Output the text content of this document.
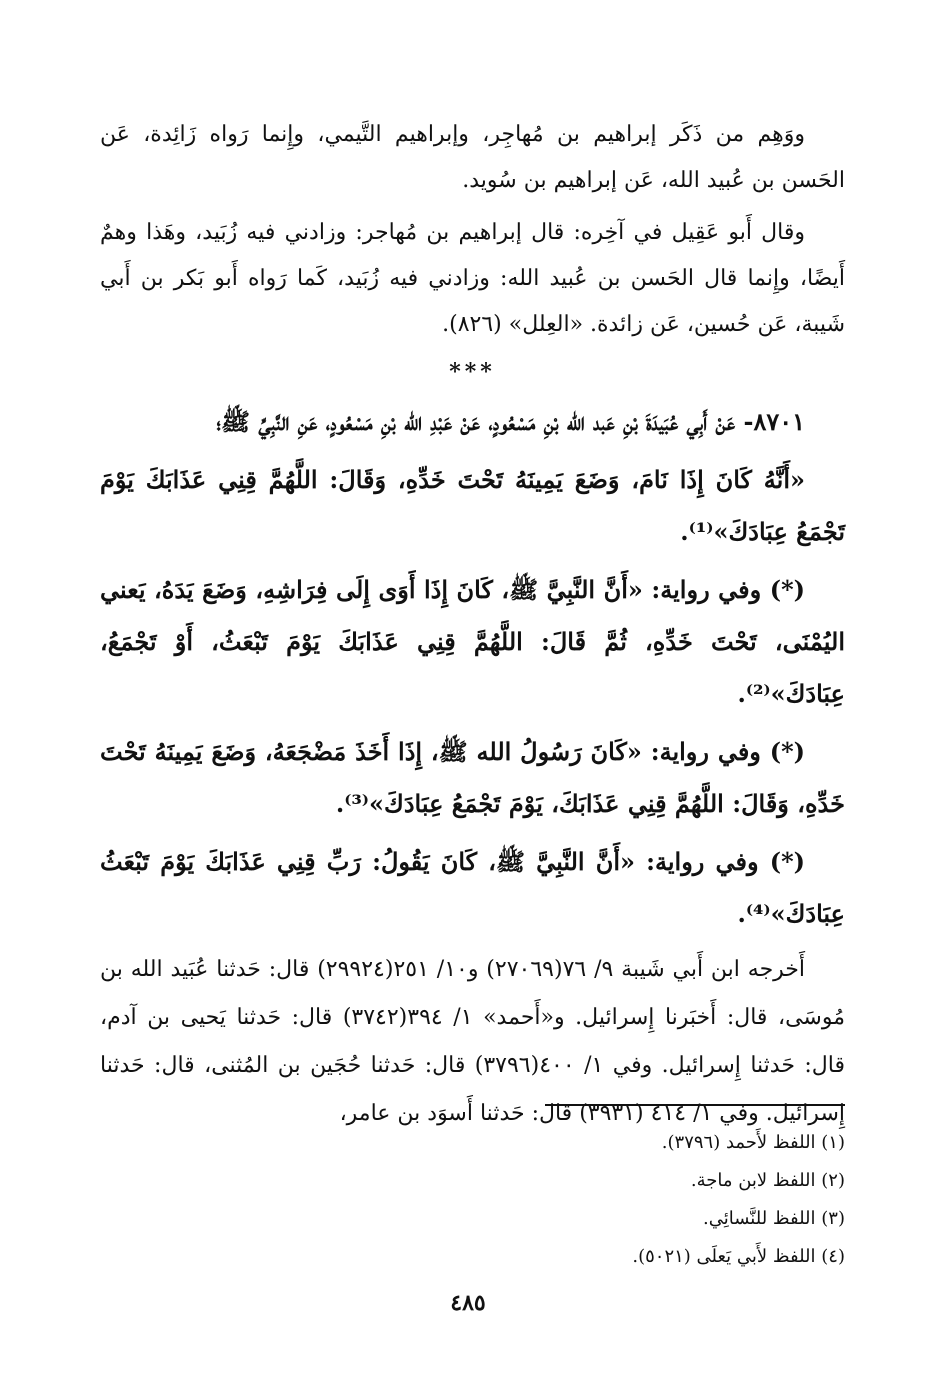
ووَهِم من ذَكَر إبراهيم بن مُهاجِر، وإبراهيم التَّيمي، وإِنما رَواه زَائِدة، عَن الحَسن بن عُبيد الله، عَن إبراهيم بن سُويد.

وقال أَبو عَقِيل في آخِره: قال إبراهيم بن مُهاجر: وزادني فيه زُبَيد، وهَذا وهمٌ أَيضًا، وإِنما قال الحَسن بن عُبيد الله: وزادني فيه زُبَيد، كَما رَواه أَبو بَكر بن أَبي شَيبة، عَن حُسين، عَن زائدة. «العِلل» (٨٢٦).

***

٨٧٠١- عَنْ أَبِي عُبَيدَةَ بْنِ عَبد الله بْنِ مَسْعُودٍ، عَنْ عَبْدِ الله بْنِ مَسْعُودٍ، عَنِ النَّبِيِّ ﷺ؛

«أَنَّهُ كَانَ إِذَا نَامَ، وَضَعَ يَمِينَهُ تَحْتَ خَدِّهِ، وَقَالَ: اللَّهُمَّ قِنِي عَذَابَكَ يَوْمَ تَجْمَعُ عِبَادَكَ»⁽¹⁾.

(*) وفي رواية: «أَنَّ النَّبِيَّ ﷺ، كَانَ إِذَا أَوَى إِلَى فِرَاشِهِ، وَضَعَ يَدَهُ، يَعني اليُمْنَى، تَحْتَ خَدِّهِ، ثُمَّ قَالَ: اللَّهُمَّ قِنِي عَذَابَكَ يَوْمَ تَبْعَثُ، أَوْ تَجْمَعُ، عِبَادَكَ»⁽²⁾.

(*) وفي رواية: «كَانَ رَسُولُ الله ﷺ، إِذَا أَخَذَ مَضْجَعَهُ، وَضَعَ يَمِينَهُ تَحْتَ خَدِّهِ، وَقَالَ: اللَّهُمَّ قِنِي عَذَابَكَ، يَوْمَ تَجْمَعُ عِبَادَكَ»⁽³⁾.

(*) وفي رواية: «أَنَّ النَّبِيَّ ﷺ، كَانَ يَقُولُ: رَبِّ قِنِي عَذَابَكَ يَوْمَ تَبْعَثُ عِبَادَكَ»⁽⁴⁾.

أَخرجه ابن أَبي شَيبة ٩/ ٧٦(٢٧٠٦٩) و١٠/ ٢٥١(٢٩٩٢٤) قال: حَدثنا عُبَيد الله بن مُوسَى، قال: أَخبَرنا إِسرائيل. و«أَحمد» ١/ ٣٩٤(٣٧٤٢) قال: حَدثنا يَحيى بن آدم، قال: حَدثنا إِسرائيل. وفي ١/ ٤٠٠(٣٧٩٦) قال: حَدثنا حُجَين بن المُثنى، قال: حَدثنا إِسرائيل. وفي ١/ ٤١٤ (٣٩٣١) قال: حَدثنا أَسوَد بن عامر،

(١) اللفظ لأَحمد (٣٧٩٦).
(٢) اللفظ لابن ماجة.
(٣) اللفظ للنَّسائِي.
(٤) اللفظ لأَبي يَعلَى (٥٠٢١).
٤٨٥
